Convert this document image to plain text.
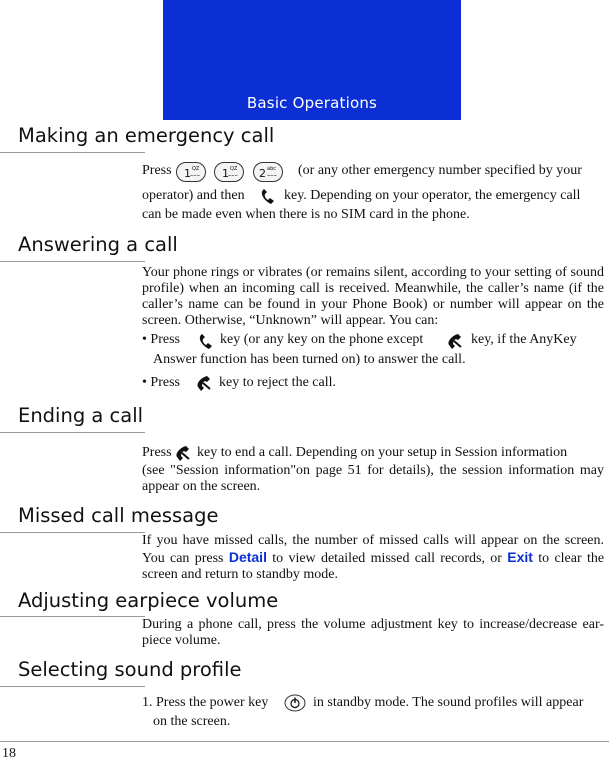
Basic Operations
Making an emergency call
Press 1 QZ
⌣⌣⌣ 1 QZ
⌣⌣⌣ 2 abc
⌣⌣⌣ (or any other emergency number specified by your
operator) and then	key. Depending on your operator, the emergency call
can be made even when there is no SIM card in the phone.
Answering a call
Your phone rings or vibrates (or remains silent, according to your setting of sound profile) when an incoming call is received. Meanwhile, the caller’s name (if the caller’s name can be found in your Phone Book) or number will appear on the screen. Otherwise, “Unknown” will appear. You can:
• Press	key (or any key on the phone except	key, if the AnyKey
Answer function has been turned on) to answer the call.
• Press	key to reject the call.
Ending a call
Press key to end a call. Depending on your setup in Session information
(see "Session information"on page 51 for details), the session information may appear on the screen.
Missed call message
If you have missed calls, the number of missed calls will appear on the screen. You can press Detail to view detailed missed call records, or Exit to clear the screen and return to standby mode.
Adjusting earpiece volume
During a phone call, press the volume adjustment key to increase/decrease ear-piece volume.
Selecting sound profile
1. Press the power key	in standby mode. The sound profiles will appear
on the screen.
18
